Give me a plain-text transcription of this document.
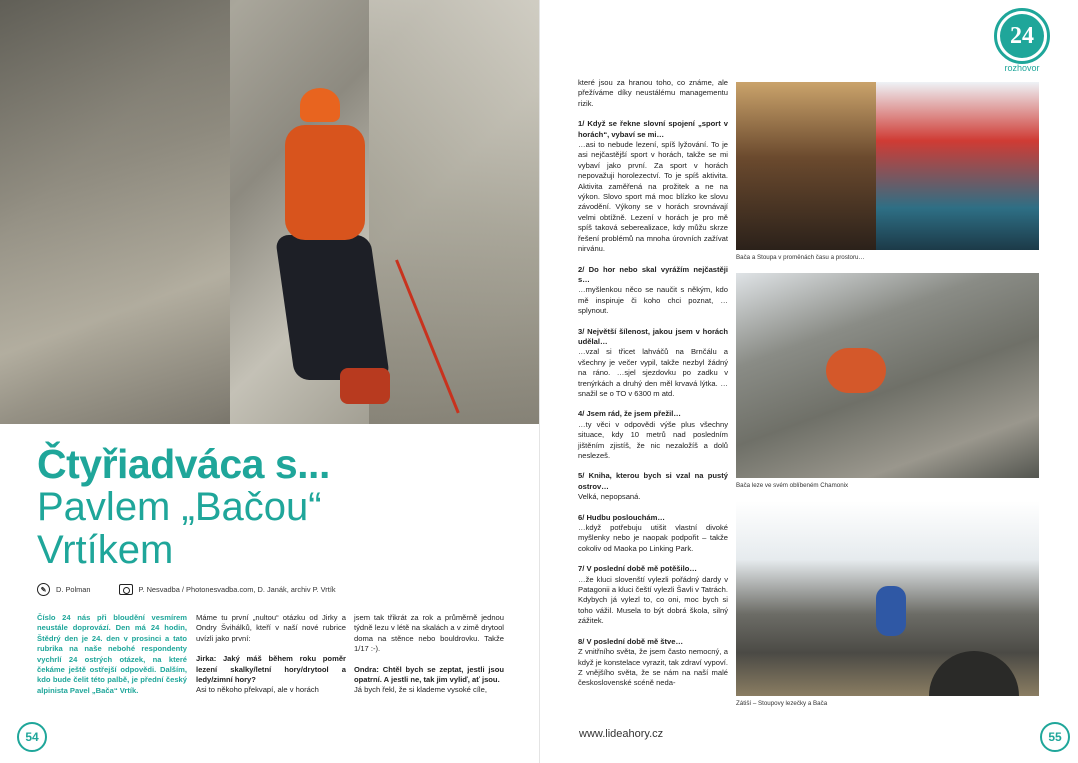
Čtyřiadváca s...
Pavlem „Bačou“
Vrtíkem
✎	D. Polman	P. Nesvadba / Photonesvadba.com, D. Janák, archiv P. Vrtík

Číslo 24 nás při bloudění vesmírem neustále doprovází. Den má 24 hodin, Štědrý den je 24. den v prosinci a tato rubrika na naše nebohé respondenty vychrlí 24 ostrých otázek, na které čekáme ještě ostřejší odpovědi. Dalším, kdo bude čelit této palbě, je přední český alpinista Pavel „Bača“ Vrtík.

Máme tu první „nultou“ otázku od Jirky a Ondry Švihálků, kteří v naší nové rubrice uvízli jako první:

Jirka: Jaký máš během roku poměr lezení skalky/letní hory/drytool a ledy/zimní hory?

Asi to někoho překvapí, ale v horách

jsem tak třikrát za rok a průměrně jednou týdně lezu v létě na skalách a v zimě drytool doma na stěnce nebo bouldrovku. Takže 1/17 :-).

Ondra: Chtěl bych se zeptat, jestli jsou opatrní. A jestli ne, tak jim vyliď, ať jsou.

Já bych řekl, že si klademe vysoké cíle,

54
24
rozhovor

které jsou za hranou toho, co známe, ale přežíváme díky neustálému managementu rizik.

1/ Když se řekne slovní spojení „sport v horách“, vybaví se mi…

…asi to nebude lezení, spíš lyžování. To je asi nejčastější sport v horách, takže se mi vybaví jako první. Za sport v horách nepovažuji horolezectví. To je spíš aktivita. Aktivita zaměřená na prožitek a ne na výkon. Slovo sport má moc blízko ke slovu závodění. Výkony se v horách srovnávají velmi obtížně. Lezení v horách je pro mě spíš taková seberealizace, kdy můžu skrze řešení problémů na mnoha úrovních zažívat nirvánu.

2/ Do hor nebo skal vyrážím nejčastěji s…

…myšlenkou něco se naučit s někým, kdo mě inspiruje či koho chci poznat, … splynout.

3/ Největší šílenost, jakou jsem v horách udělal…

…vzal si třicet lahváčů na Brnčálu a všechny je večer vypil, takže nezbyl žádný na ráno. …sjel sjezdovku po zadku v trenýrkách a druhý den měl krvavá lýtka. …snažil se o TO v 6300 m atd.

4/ Jsem rád, že jsem přežil…

…ty věci v odpovědi výše plus všechny situace, kdy 10 metrů nad posledním jištěním zjistíš, že nic nezaložíš a dolů neslezeš.

5/ Kniha, kterou bych si vzal na pustý ostrov…

Velká, nepopsaná.

6/ Hudbu poslouchám…

…když potřebuju utišit vlastní divoké myšlenky nebo je naopak podpořit – takže cokoliv od Maoka po Linking Park.

7/ V poslední době mě potěšilo…

…že kluci slovenští vylezli pořádný dardy v Patagonii a kluci čeští vylezli Šavli v Tatrách. Kdybych já vylezl to, co oni, moc bych si toho vážil. Musela to být dobrá škola, silný zážitek.

8/ V poslední době mě štve…

Z vnitřního světa, že jsem často nemocný, a když je konstelace vyrazit, tak zdraví vypoví. Z vnějšího světa, že se nám na naší malé československé scéně neda-

Bača a Stoupa v proměnách času a prostoru…
Bača leze ve svém oblíbeném Chamonix
Zátiší – Stoupovy lezečky a Bača
www.lideahory.cz	55
